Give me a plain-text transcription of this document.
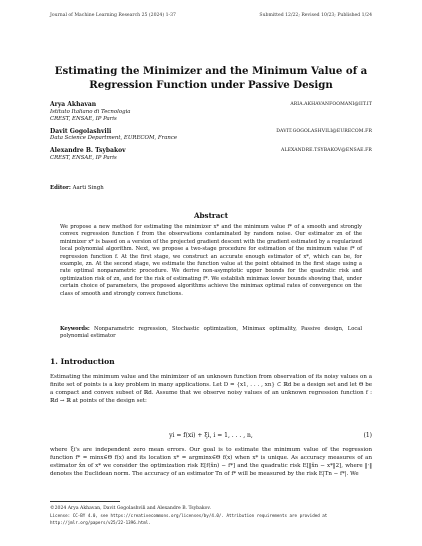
Journal of Machine Learning Research 25 (2024) 1-37	Submitted 12/22; Revised 10/23; Published 1/24
Estimating the Minimizer and the Minimum Value of a
Regression Function under Passive Design
Arya Akhavan	ARIA.AKHAVANFOOMANI@IIT.IT
Istituto Italiano di Tecnologia
CREST, ENSAE, IP Paris
Davit Gogolashvili	DAVIT.GOGOLASHVILI@EURECOM.FR
Data Science Department, EURECOM, France
Alexandre B. Tsybakov	ALEXANDRE.TSYBAKOV@ENSAE.FR
CREST, ENSAE, IP Paris
Editor: Aarti Singh
Abstract
We propose a new method for estimating the minimizer x* and the minimum value f* of a smooth and strongly convex regression function f from the observations contaminated by random noise. Our estimator zn of the minimizer x* is based on a version of the projected gradient descent with the gradient estimated by a regularized local polynomial algorithm. Next, we propose a two-stage procedure for estimation of the minimum value f* of regression function f. At the first stage, we construct an accurate enough estimator of x*, which can be, for example, zn. At the second stage, we estimate the function value at the point obtained in the first stage using a rate optimal nonparametric procedure. We derive non-asymptotic upper bounds for the quadratic risk and optimization risk of zn, and for the risk of estimating f*. We establish minimax lower bounds showing that, under certain choice of parameters, the proposed algorithms achieve the minimax optimal rates of convergence on the class of smooth and strongly convex functions.
Keywords: Nonparametric regression, Stochastic optimization, Minimax optimality, Passive design, Local polynomial estimator
1. Introduction
Estimating the minimum value and the minimizer of an unknown function from observation of its noisy values on a finite set of points is a key problem in many applications. Let D = {x1, . . . , xn} ⊂ ℝd be a design set and let Θ be a compact and convex subset of ℝd. Assume that we observe noisy values of an unknown regression function f : ℝd → ℝ at points of the design set:
yi = f(xi) + ξi, i = 1, . . . , n,	(1)
where ξi's are independent zero mean errors. Our goal is to estimate the minimum value of the regression function f* = minx∈Θ f(x) and its location x* = argminx∈Θ f(x) when x* is unique. As accuracy measures of an estimator x̂n of x* we consider the optimization risk E[f(x̂n) − f*] and the quadratic risk E[‖x̂n − x*‖2], where ‖·‖ denotes the Euclidean norm. The accuracy of an estimator Tn of f* will be measured by the risk E|Tn − f*|. We
©2024 Arya Akhavan, Davit Gogolashvili and Alexandre B. Tsybakov.
License: CC-BY 4.0, see https://creativecommons.org/licenses/by/4.0/. Attribution requirements are provided at http://jmlr.org/papers/v25/22-1396.html.
